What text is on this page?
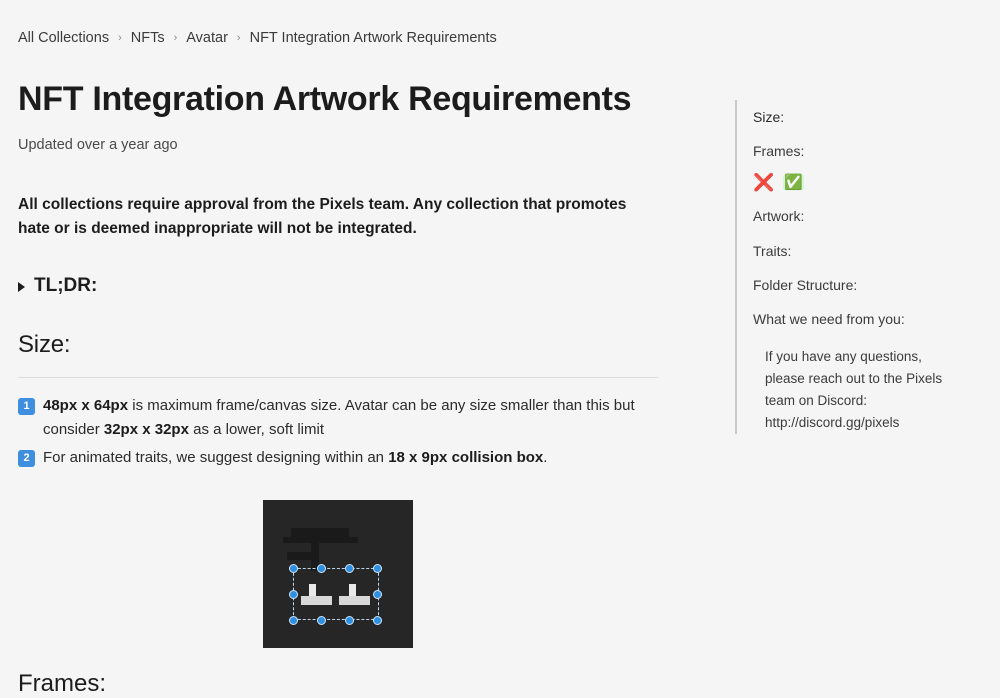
All Collections › NFTs › Avatar › NFT Integration Artwork Requirements
NFT Integration Artwork Requirements
Updated over a year ago

All collections require approval from the Pixels team. Any collection that promotes hate or is deemed inappropriate will not be integrated.

TL;DR:
Size:
1 48px x 64px is maximum frame/canvas size. Avatar can be any size smaller than this but consider 32px x 32px as a lower, soft limit
2 For animated traits, we suggest designing within an 18 x 9px collision box.
Frames:
Size:
Frames:
❌ ✅
Artwork:
Traits:
Folder Structure:
What we need from you:
If you have any questions, please reach out to the Pixels team on Discord: http://discord.gg/pixels
